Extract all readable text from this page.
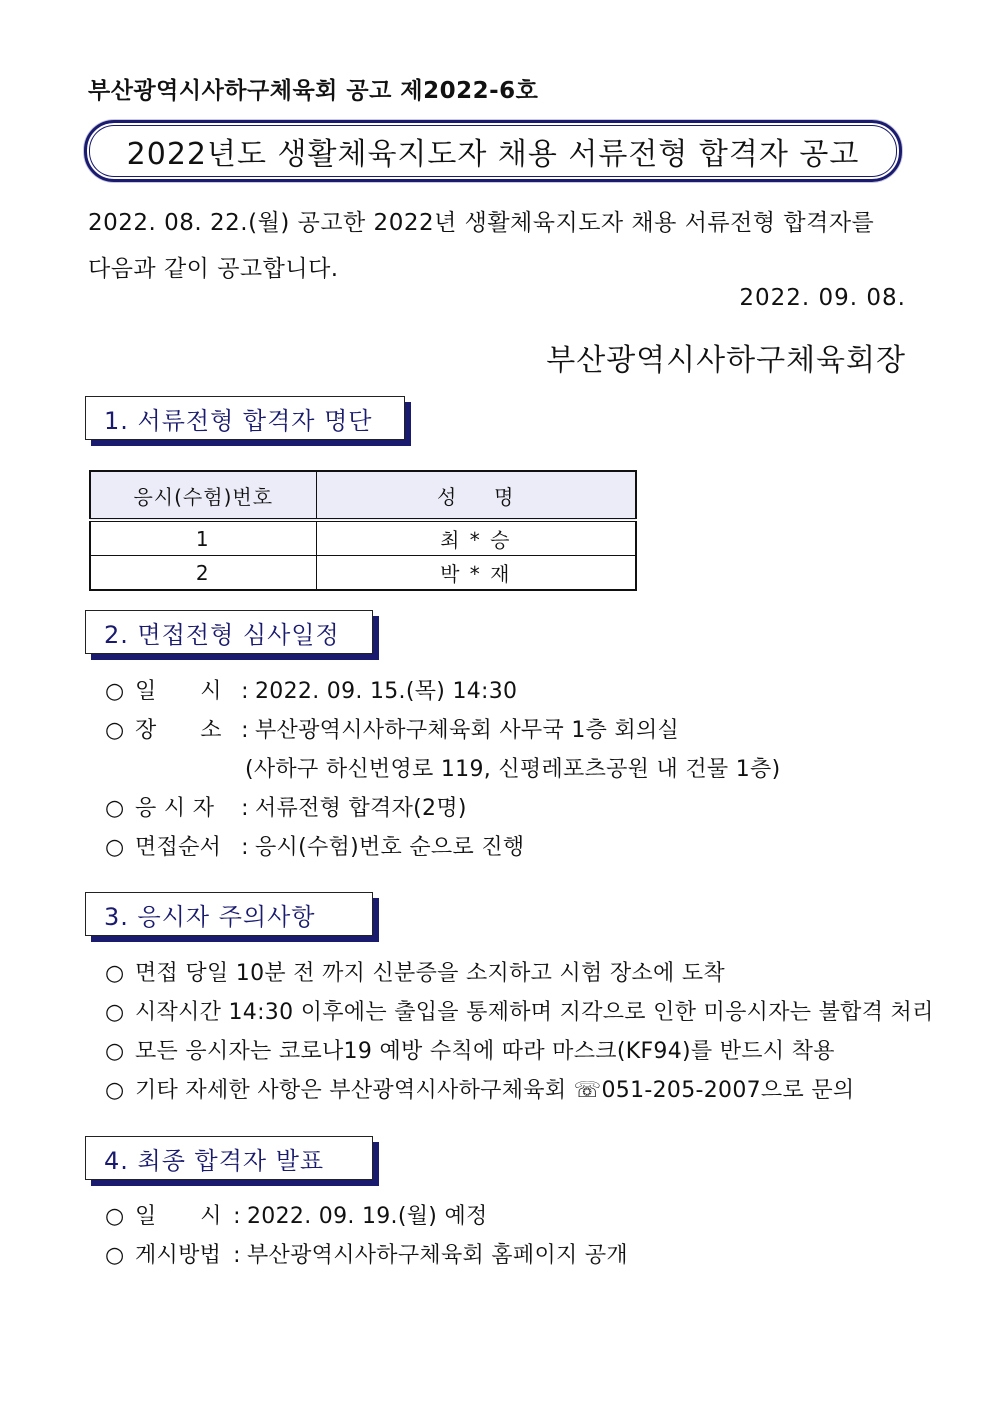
부산광역시사하구체육회 공고 제2022-6호
2022년도 생활체육지도자 채용 서류전형 합격자 공고
2022. 08. 22.(월) 공고한 2022년 생활체육지도자 채용 서류전형 합격자를
다음과 같이 공고합니다.
2022. 09. 08.
부산광역시사하구체육회장
1. 서류전형 합격자 명단
응시(수험)번호	성     명
1	최 * 승
2	박 * 재
2. 면접전형 심사일정
○ 일      시 : 2022. 09. 15.(목) 14:30
○ 장      소 : 부산광역시사하구체육회 사무국 1층 회의실
(사하구 하신번영로 119, 신평레포츠공원 내 건물 1층)
○ 응 시 자 : 서류전형 합격자(2명)
○ 면접순서 : 응시(수험)번호 순으로 진행
3. 응시자 주의사항
○ 면접 당일 10분 전 까지 신분증을 소지하고 시험 장소에 도착
○ 시작시간 14:30 이후에는 출입을 통제하며 지각으로 인한 미응시자는 불합격 처리
○ 모든 응시자는 코로나19 예방 수칙에 따라 마스크(KF94)를 반드시 착용
○ 기타 자세한 사항은 부산광역시사하구체육회 ☏051-205-2007으로 문의
4. 최종 합격자 발표
○ 일      시 : 2022. 09. 19.(월) 예정
○ 게시방법 : 부산광역시사하구체육회 홈페이지 공개
